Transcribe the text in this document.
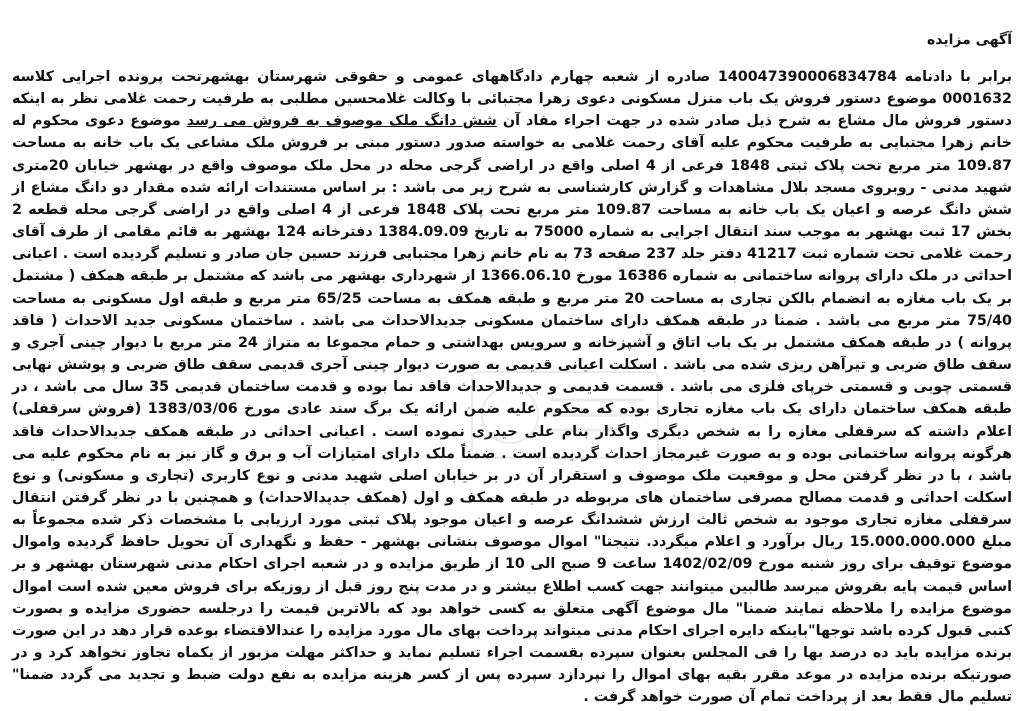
آگهی مزایده

برابر با دادنامه 140047390006834784 صادره از شعبه چهارم دادگاههای عمومی و حقوقی شهرستان بهشهرتحت پرونده اجرایی کلاسه 0001632 موضوع دستور فروش یک باب منزل مسکونی دعوی زهرا مجتبائی با وکالت غلامحسین مطلبی به طرفیت رحمت غلامی نظر به اینکه دستور فروش مال مشاع به شرح ذیل صادر شده در جهت اجراء مفاد آن شش دانگ ملک موصوف به فروش می رسد موضوع دعوی محکوم له خانم زهرا مجتبایی به طرفیت محکوم علیه آقای رحمت غلامی به خواسته صدور دستور مبنی بر فروش ملک مشاعی یک باب خانه به مساحت 109.87 متر مربع تحت پلاک ثبتی 1848 فرعی از 4 اصلی واقع در اراضی گرجی محله در محل ملک موصوف واقع در بهشهر خیابان 20متری شهید مدنی - روبروی مسجد بلال مشاهدات و گزارش کارشناسی به شرح زیر می باشد : بر اساس مستندات ارائه شده مقدار دو دانگ مشاع از شش دانگ عرصه و اعیان یک باب خانه به مساحت 109.87 متر مربع تحت پلاک 1848 فرعی از 4 اصلی واقع در اراضی گرجی محله قطعه 2 بخش 17 ثبت بهشهر به موجب سند انتقال اجرایی به شماره 75000 به تاریخ 1384.09.09 دفترخانه 124 بهشهر به قائم مقامی از طرف آقای رحمت غلامی تحت شماره ثبت 41217 دفتر جلد 237 صفحه 73 به نام خانم زهرا مجتبایی فرزند حسین جان صادر و تسلیم گردیده است . اعیانی احداثی در ملک دارای پروانه ساختمانی به شماره 16386 مورخ 1366.06.10 از شهرداری بهشهر می باشد که مشتمل بر طبقه همکف ( مشتمل بر یک باب مغازه به انضمام بالکن تجاری به مساحت 20 متر مربع و طبقه همکف به مساحت 65/25 متر مربع و طبقه اول مسکونی به مساحت 75/40 متر مربع می باشد . ضمنا در طبقه همکف دارای ساختمان مسکونی جدیدالاحداث می باشد . ساختمان مسکونی جدید الاحداث ( فاقد پروانه ) در طبقه همکف مشتمل بر یک باب اتاق و آشپزخانه و سرویس بهداشتی و حمام مجموعا به متراژ 24 متر مربع با دیوار چینی آجری و سقف طاق ضربی و تیرآهن ریزی شده می باشد . اسکلت اعیانی قدیمی به صورت دیوار چینی آجری قدیمی سقف طاق ضربی و پوشش نهایی قسمتی چوبی و قسمتی خرپای فلزی می باشد . قسمت قدیمی و جدیدالاحداث فاقد نما بوده و قدمت ساختمان قدیمی 35 سال می باشد ، در طبقه همکف ساختمان دارای یک باب مغازه تجاری بوده که محکوم علیه ضمن ارائه یک برگ سند عادی مورخ 1383/03/06 (فروش سرقفلی) اعلام داشته که سرقفلی مغازه را به شخص دیگری واگذار بنام علی حیدری نموده است . اعیانی احداثی در طبقه همکف جدیدالاحداث فاقد هرگونه پروانه ساختمانی بوده و به صورت غیرمجاز احداث گردیده است . ضمناً ملک دارای امتیازات آب و برق و گاز نیز به نام محکوم علیه می باشد ، با در نظر گرفتن محل و موقعیت ملک موصوف و استقرار آن در بر خیابان اصلی شهید مدنی و نوع کاربری (تجاری و مسکونی) و نوع اسکلت احداثی و قدمت مصالح مصرفی ساختمان های مربوطه در طبقه همکف و اول (همکف جدیدالاحداث) و همچنین با در نظر گرفتن انتقال سرقفلی مغازه تجاری موجود به شخص ثالث ارزش ششدانگ عرصه و اعیان موجود پلاک ثبتی مورد ارزیابی با مشخصات ذکر شده مجموعاً به مبلغ 15.000.000.000 ریال برآورد و اعلام میگردد. نتیجتا" اموال موصوف بنشانی بهشهر - حفظ و نگهداری آن تحویل حافظ گردیده واموال موضوع توقیف برای روز شنبه مورخ 1402/02/09 ساعت 9 صبح الی 10 از طریق مزایده و در شعبه اجرای احکام مدنی شهرستان بهشهر و بر اساس قیمت پایه بفروش میرسد طالبین میتوانند جهت کسب اطلاع بیشتر و در مدت پنج روز قبل از روزیکه برای فروش معین شده است اموال موضوع مزایده را ملاحظه نمایند ضمنا" مال موضوع آگهی متعلق به کسی خواهد بود که بالاترین قیمت را درجلسه حضوری مزایده و بصورت کتبی قبول کرده باشد توجها"باینکه دایره اجرای احکام مدنی میتواند پرداخت بهای مال مورد مزایده را عندالاقتضاء بوعده قرار دهد در این صورت برنده مزایده باید ده درصد بها را فی المجلس بعنوان سپرده بقسمت اجراء تسلیم نماید و حداکثر مهلت مزبور از یکماه تجاوز نخواهد کرد و در صورتیکه برنده مزایده در موعد مقرر بقیه بهای اموال را نپردازد سپرده پس از کسر هزینه مزایده به نفع دولت ضبط و تجدید می گردد ضمنا" تسلیم مال فقط بعد از پرداخت تمام آن صورت خواهد گرفت .
